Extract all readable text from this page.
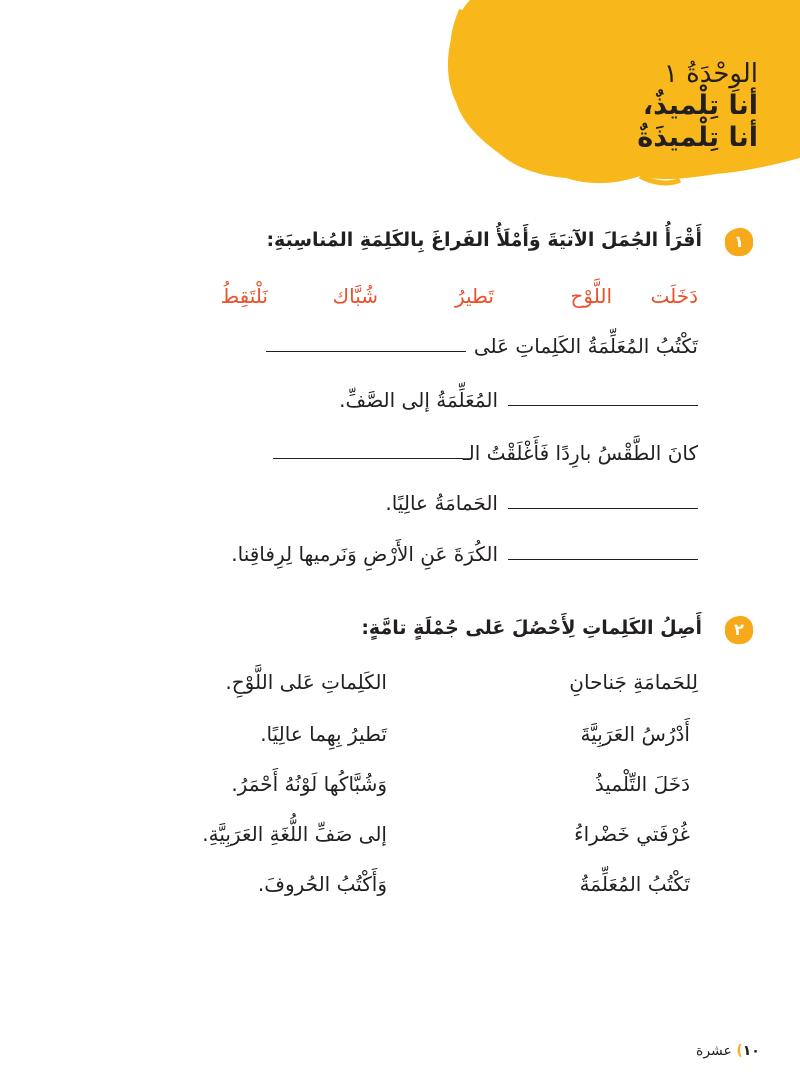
الوِحْدَةُ ١
أنا تِلْميذٌ،
أنا تِلْميذَةٌ
١
أَقْرَأُ الجُمَلَ الآتيَةَ وَأَمْلَأُ الفَراغَ بِالكَلِمَةِ المُناسِبَةِ:
دَخَلَت
اللَّوْح
تَطيرُ
شُبَّاك
نَلْتَقِطُ
تَكْتُبُ المُعَلِّمَةُ الكَلِماتِ عَلى
المُعَلِّمَةُ إلى الصَّفِّ.
كانَ الطَّقْسُ بارِدًا فَأَغْلَقْتُ الـ
الحَمامَةُ عالِيًا.
الكُرَةَ عَنِ الأَرْضِ وَنَرميها لِرِفاقِنا.
٢
أَصِلُ الكَلِماتِ لِأَحْصُلَ عَلى جُمْلَةٍ تامَّةٍ:
لِلحَمامَةِ جَناحانِ
أَدْرُسُ العَرَبِيَّةَ
دَخَلَ التِّلْميذُ
غُرْفَتي خَضْراءُ
تَكْتُبُ المُعَلِّمَةُ
الكَلِماتِ عَلى اللَّوْحِ.
تَطيرُ بِهِما عالِيًا.
وَشُبَّاكُها لَوْنُهُ أَحْمَرُ.
إلى صَفِّ اللُّغَةِ العَرَبِيَّةِ.
وَأَكْتُبُ الحُروفَ.
١٠) عشرة
